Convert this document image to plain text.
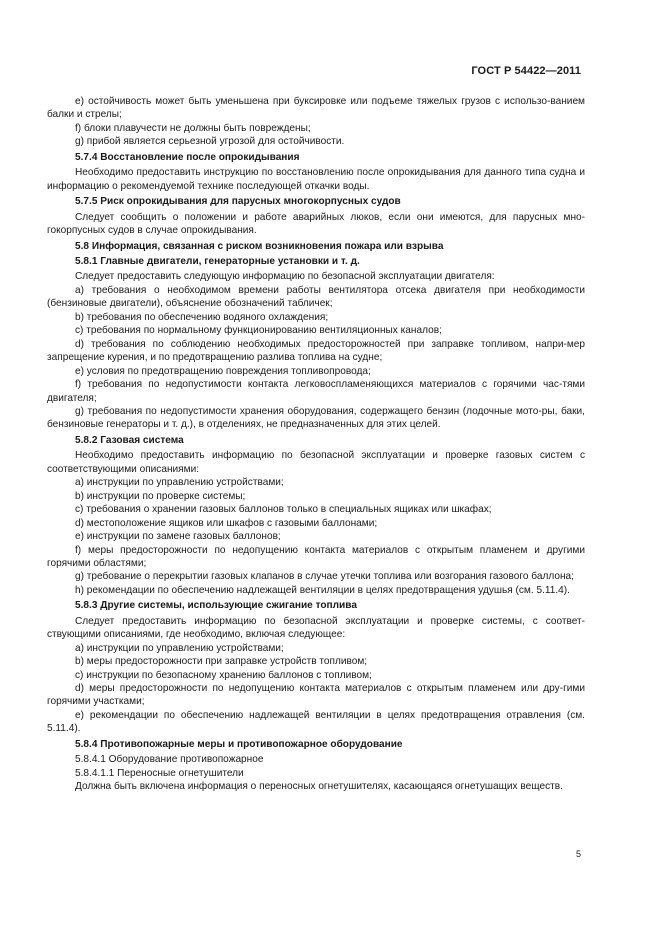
ГОСТ Р 54422—2011

e) остойчивость может быть уменьшена при буксировке или подъеме тяжелых грузов с использо-ванием балки и стрелы;

f) блоки плавучести не должны быть повреждены;

g) прибой является серьезной угрозой для остойчивости.

5.7.4 Восстановление после опрокидывания

Необходимо предоставить инструкцию по восстановлению после опрокидывания для данного типа судна и информацию о рекомендуемой технике последующей откачки воды.

5.7.5 Риск опрокидывания для парусных многокорпусных судов

Следует сообщить о положении и работе аварийных люков, если они имеются, для парусных мно-гокорпусных судов в случае опрокидывания.

5.8 Информация, связанная с риском возникновения пожара или взрыва

5.8.1 Главные двигатели, генераторные установки и т. д.

Следует предоставить следующую информацию по безопасной эксплуатации двигателя:

a) требования о необходимом времени работы вентилятора отсека двигателя при необходимости (бензиновые двигатели), объяснение обозначений табличек;

b) требования по обеспечению водяного охлаждения;

c) требования по нормальному функционированию вентиляционных каналов;

d) требования по соблюдению необходимых предосторожностей при заправке топливом, напри-мер запрещение курения, и по предотвращению разлива топлива на судне;

e) условия по предотвращению повреждения топливопровода;

f) требования по недопустимости контакта легковоспламеняющихся материалов с горячими час-тями двигателя;

g) требования по недопустимости хранения оборудования, содержащего бензин (лодочные мото-ры, баки, бензиновые генераторы и т. д.), в отделениях, не предназначенных для этих целей.

5.8.2 Газовая система

Необходимо предоставить информацию по безопасной эксплуатации и проверке газовых систем с соответствующими описаниями:

a) инструкции по управлению устройствами;

b) инструкции по проверке системы;

c) требования о хранении газовых баллонов только в специальных ящиках или шкафах;

d) местоположение ящиков или шкафов с газовыми баллонами;

e) инструкции по замене газовых баллонов;

f) меры предосторожности по недопущению контакта материалов с открытым пламенем и другими горячими областями;

g) требование о перекрытии газовых клапанов в случае утечки топлива или возгорания газового баллона;

h) рекомендации по обеспечению надлежащей вентиляции в целях предотвращения удушья (см. 5.11.4).

5.8.3 Другие системы, использующие сжигание топлива

Следует предоставить информацию по безопасной эксплуатации и проверке системы, с соответ-ствующими описаниями, где необходимо, включая следующее:

a) инструкции по управлению устройствами;

b) меры предосторожности при заправке устройств топливом;

c) инструкции по безопасному хранению баллонов с топливом;

d) меры предосторожности по недопущению контакта материалов с открытым пламенем или дру-гими горячими участками;

e) рекомендации по обеспечению надлежащей вентиляции в целях предотвращения отравления (см. 5.11.4).

5.8.4 Противопожарные меры и противопожарное оборудование

5.8.4.1 Оборудование противопожарное

5.8.4.1.1 Переносные огнетушители

Должна быть включена информация о переносных огнетушителях, касающаяся огнетушащих веществ.

5
